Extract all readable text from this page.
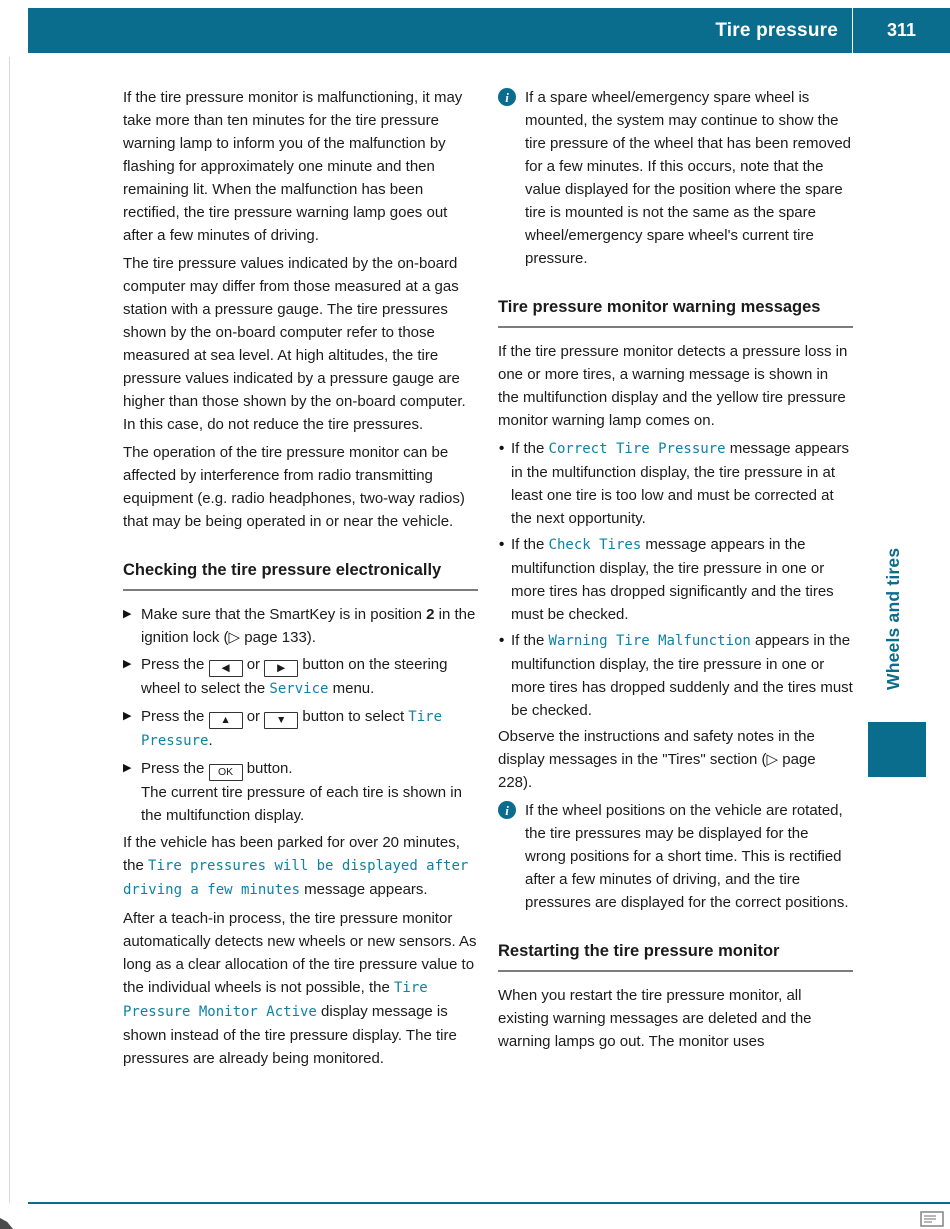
Tire pressure	311
If the tire pressure monitor is malfunctioning, it may take more than ten minutes for the tire pressure warning lamp to inform you of the malfunction by flashing for approximately one minute and then remaining lit. When the malfunction has been rectified, the tire pressure warning lamp goes out after a few minutes of driving.
The tire pressure values indicated by the on-board computer may differ from those measured at a gas station with a pressure gauge. The tire pressures shown by the on-board computer refer to those measured at sea level. At high altitudes, the tire pressure values indicated by a pressure gauge are higher than those shown by the on-board computer. In this case, do not reduce the tire pressures.
The operation of the tire pressure monitor can be affected by interference from radio transmitting equipment (e.g. radio headphones, two-way radios) that may be being operated in or near the vehicle.
Checking the tire pressure electronically
▶ Make sure that the SmartKey is in position 2 in the ignition lock (▷ page 133).
▶ Press the ◀ or ▶ button on the steering wheel to select the Service menu.
▶ Press the ▲ or ▼ button to select Tire Pressure.
▶ Press the OK button.
The current tire pressure of each tire is shown in the multifunction display.
If the vehicle has been parked for over 20 minutes, the Tire pressures will be displayed after driving a few minutes message appears.
After a teach-in process, the tire pressure monitor automatically detects new wheels or new sensors. As long as a clear allocation of the tire pressure value to the individual wheels is not possible, the Tire Pressure Monitor Active display message is shown instead of the tire pressure display. The tire pressures are already being monitored.
i	If a spare wheel/emergency spare wheel is mounted, the system may continue to show the tire pressure of the wheel that has been removed for a few minutes. If this occurs, note that the value displayed for the position where the spare tire is mounted is not the same as the spare wheel/emergency spare wheel's current tire pressure.
Tire pressure monitor warning messages
If the tire pressure monitor detects a pressure loss in one or more tires, a warning message is shown in the multifunction display and the yellow tire pressure monitor warning lamp comes on.
• If the Correct Tire Pressure message appears in the multifunction display, the tire pressure in at least one tire is too low and must be corrected at the next opportunity.
• If the Check Tires message appears in the multifunction display, the tire pressure in one or more tires has dropped significantly and the tires must be checked.
• If the Warning Tire Malfunction appears in the multifunction display, the tire pressure in one or more tires has dropped suddenly and the tires must be checked.
Observe the instructions and safety notes in the display messages in the "Tires" section (▷ page 228).
i	If the wheel positions on the vehicle are rotated, the tire pressures may be displayed for the wrong positions for a short time. This is rectified after a few minutes of driving, and the tire pressures are displayed for the correct positions.
Restarting the tire pressure monitor
When you restart the tire pressure monitor, all existing warning messages are deleted and the warning lamps go out. The monitor uses
Wheels and tires
